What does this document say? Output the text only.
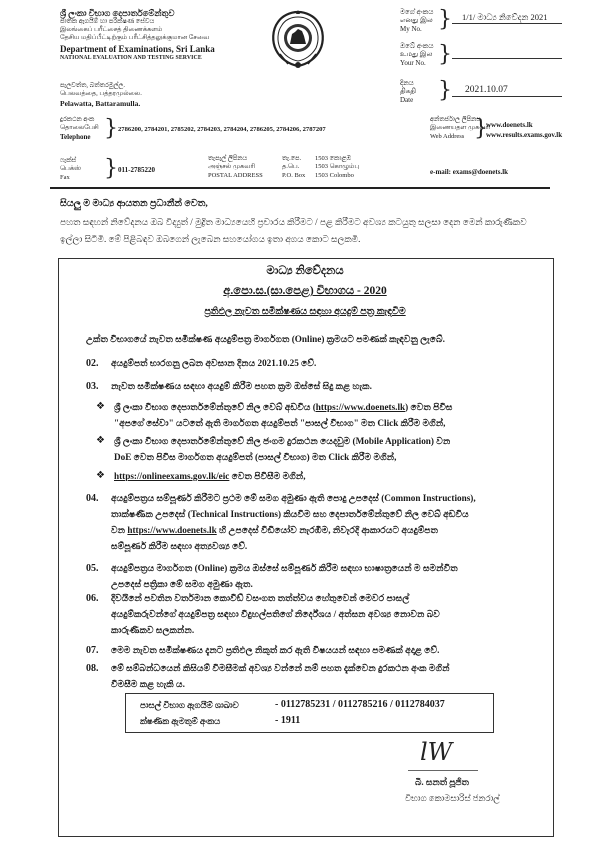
ශ්‍රී ලංකා විභාග දෙපාර්තමේන්තුව
ජාතික ඇගයීම් හා පරීක්ෂණ සේවය
இலங்கைப் பரீட்சைத் திணைக்களம்
தேசிய மதிப்பீட்டிற்கும் பரீட்சித்தலுக்குமான சேவை
Department of Examinations, Sri Lanka
NATIONAL EVALUATION AND TESTING SERVICE
මගේ අංකය
எனது இல
My No. } 1/1/ මාධ්‍ය නිවේදන 2021
ඔබේ අංකය
உமது இல
Your No. }
දිනය
திகதி
Date } 2021.10.07
පැලවත්ත, බත්තරමුල්ල.
பெலவத்தை, பத்தரமுல்லை.
Pelawatta, Battaramulla.
දුරකථන අංක
தொலைபேசி
Telephone } 2786200, 2784201, 2785202, 2784203, 2784204, 2786205, 2784206, 2787207
අන්තර්ජාල ලිපිනය
இணையதள முகவரி
Web Address }
www.doenets.lk
www.results.exams.gov.lk
ෆැක්ස්
பெக்ஸ்
Fax } 011-2785220
තැපැල් ලිපිනය
அஞ்சல் முகவரி
POSTAL ADDRESS
තැ.පෙ.
த.பெ.
P.O. Box
1503 කොළඹ
1503 கொழும்பு
1503 Colombo	e-mail: exams@doenets.lk
සියලු ම මාධ්‍ය ආයතන ප්‍රධානීන් වෙත,
පහත සඳහන් නිවේදනය ඔබ විද්‍යුත් / මුද්‍රිත මාධ්‍යයෙහි ප්‍රචාරය කිරීමට / පළ කිරීමට අවශ්‍ය කටයුතු සලසා දෙන මෙන් කාරුණිකව ඉල්ලා සිටිමි. මේ පිළිබඳව ඔබගෙන් ලැබෙන සහයෝගය ඉතා අගය කොට සලකමි.
මාධ්‍ය නිවේදනය
අ.පො.ස.(සා.පෙළ) විභාගය - 2020
ප්‍රතිඵල නැවත සමීක්ෂණය සඳහා අයදුම් පත්‍ර කැඳවීම
උක්ත විභාගයේ නැවත සමීක්ෂණ අයදුම්පත්‍ර මාර්ගගත (Online) ක්‍රමයට පමණක් කැඳවනු ලැබේ.
02. අයදුම්පත් භාරගනු ලබන අවසාන දිනය 2021.10.25 වේ.
03. නැවත සමීක්ෂණය සඳහා අයදුම් කිරීම පහත ක්‍රම ඔස්සේ සිදු කළ හැක.
❖ ශ්‍රී ලංකා විභාග දෙපාර්තමේන්තුවේ නිල වෙබ් අඩවිය (https://www.doenets.lk) වෙත පිවිස
"අපගේ සේවා" යටතේ ඇති මාර්ගගත අයදුම්පත් "පාසල් විභාග" මත Click කිරීම මගින්,
❖ ශ්‍රී ලංකා විභාග දෙපාර්තමේන්තුවේ නිල ජංගම දුරකථන යෙදවුම (Mobile Application) වන
DoE වෙත පිවිස මාර්ගගත අයදුම්පත් (පාසල් විභාග) මත Click කිරීම මගින්,
❖ https://onlineexams.gov.lk/eic වෙත පිවිසීම මගින්,
04. අයදුම්පත්‍රය සම්පූර්ණ කිරීමට ප්‍රථම මේ සමග අමුණා ඇති පොදු උපදෙස් (Common Instructions),
තාක්ෂණික උපදෙස් (Technical Instructions) කියවීම සහ දෙපාර්තමේන්තුවේ නිල වෙබ් අඩවිය
වන https://www.doenets.lk හි උපදෙස් වීඩියෝව නැරඹීම, නිවැරදි ආකාරයට අයදුම්පත
සම්පූර්ණ කිරීම සඳහා අත්‍යවශ්‍ය වේ.
05. අයදුම්පත්‍රය මාර්ගගත (Online) ක්‍රමය ඔස්සේ සම්පූර්ණ කිරීම සඳහා භාෂාත්‍රයෙන් ම සමන්විත
උපදෙස් පත්‍රිකා මේ සමග අමුණා ඇත.
06. දිවයිනේ පවතින වර්තමාන කොවිඩ් වසංගත තත්ත්වය හේතුවෙන් මෙවර පාසල්
අයදුම්කරුවන්ගේ අයදුම්පත්‍ර සඳහා විදුහල්පතිගේ නිර්දේශය / අත්සන අවශ්‍ය නොවන බව
කාරුණිකව සලකන්න.
07. මෙම නැවත සමීක්ෂණය දැනට ප්‍රතිඵල නිකුත් කර ඇති විෂයයන් සඳහා පමණක් අදාළ වේ.
08. මේ සම්බන්ධයෙන් කිසියම් විමසීමක් අවශ්‍ය වන්නේ නම් පහත දැක්වෙන දුරකථන අංක මගින්
විමසීම කළ හැකි ය.
පාසල් විභාග ඇගයීම් ශාඛාව	- 0112785231 / 0112785216 / 0112784037
ක්ෂණික ඇමතුම් අංකය	- 1911
lW
බී. සනත් පූජිත
විභාග කොමසාරිස් ජනරාල්
